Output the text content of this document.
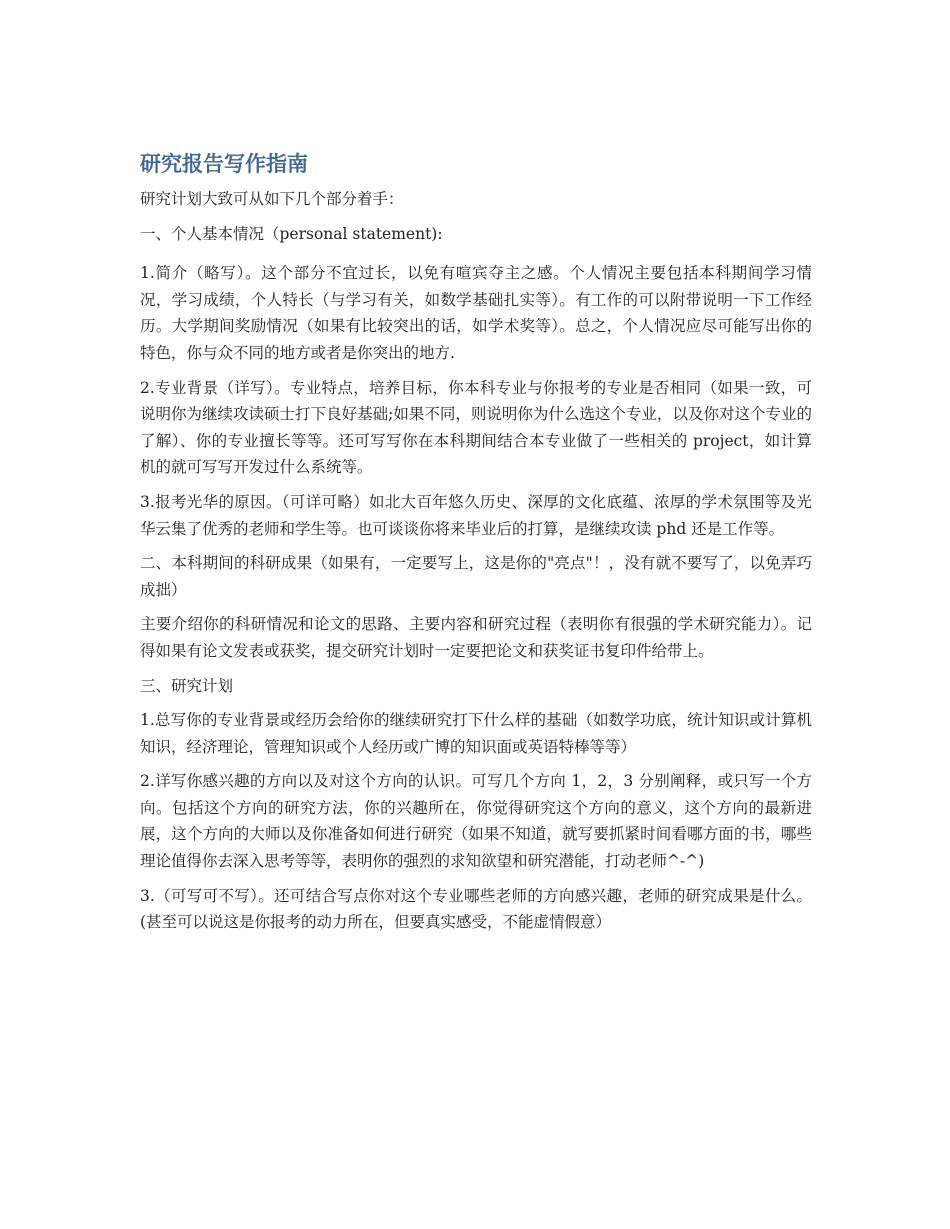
研究报告写作指南

研究计划大致可从如下几个部分着手：

一、个人基本情况（personal statement):

1.简介（略写）。这个部分不宜过长，以免有喧宾夺主之感。个人情况主要包括本科期间学习情况，学习成绩，个人特长（与学习有关，如数学基础扎实等）。有工作的可以附带说明一下工作经历。大学期间奖励情况（如果有比较突出的话，如学术奖等）。总之，个人情况应尽可能写出你的特色，你与众不同的地方或者是你突出的地方.

2.专业背景（详写）。专业特点，培养目标，你本科专业与你报考的专业是否相同（如果一致，可说明你为继续攻读硕士打下良好基础;如果不同，则说明你为什么选这个专业，以及你对这个专业的了解）、你的专业擅长等等。还可写写你在本科期间结合本专业做了一些相关的 project，如计算机的就可写写开发过什么系统等。

3.报考光华的原因。（可详可略）如北大百年悠久历史、深厚的文化底蕴、浓厚的学术氛围等及光华云集了优秀的老师和学生等。也可谈谈你将来毕业后的打算，是继续攻读 phd 还是工作等。

二、本科期间的科研成果（如果有，一定要写上，这是你的"亮点"！，没有就不要写了，以免弄巧成拙）

主要介绍你的科研情况和论文的思路、主要内容和研究过程（表明你有很强的学术研究能力）。记得如果有论文发表或获奖，提交研究计划时一定要把论文和获奖证书复印件给带上。

三、研究计划

1.总写你的专业背景或经历会给你的继续研究打下什么样的基础（如数学功底，统计知识或计算机知识，经济理论，管理知识或个人经历或广博的知识面或英语特棒等等）

2.详写你感兴趣的方向以及对这个方向的认识。可写几个方向 1，2，3 分别阐释，或只写一个方向。包括这个方向的研究方法，你的兴趣所在，你觉得研究这个方向的意义，这个方向的最新进展，这个方向的大师以及你准备如何进行研究（如果不知道，就写要抓紧时间看哪方面的书，哪些理论值得你去深入思考等等，表明你的强烈的求知欲望和研究潜能，打动老师^-^)

3.（可写可不写）。还可结合写点你对这个专业哪些老师的方向感兴趣，老师的研究成果是什么。(甚至可以说这是你报考的动力所在，但要真实感受，不能虚情假意）
